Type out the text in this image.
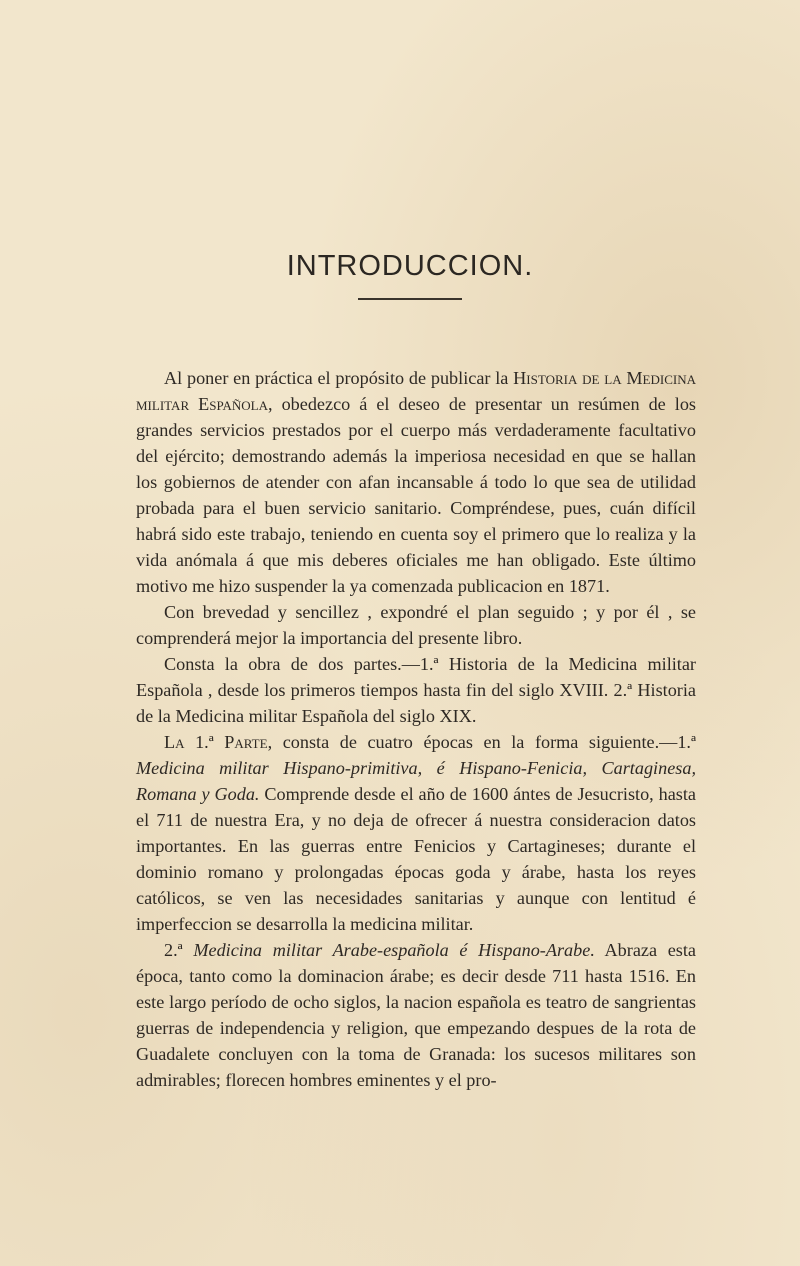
INTRODUCCION.

Al poner en práctica el propósito de publicar la Historia de la Medicina militar Española, obedezco á el deseo de presentar un resúmen de los grandes servicios prestados por el cuerpo más verdaderamente facultativo del ejército; demostrando además la imperiosa necesidad en que se hallan los gobiernos de atender con afan incansable á todo lo que sea de utilidad probada para el buen servicio sanitario. Compréndese, pues, cuán difícil habrá sido este trabajo, teniendo en cuenta soy el primero que lo realiza y la vida anómala á que mis deberes oficiales me han obligado. Este último motivo me hizo suspender la ya comenzada publicacion en 1871.

Con brevedad y sencillez , expondré el plan seguido ; y por él , se comprenderá mejor la importancia del presente libro.

Consta la obra de dos partes.—1.ª Historia de la Medicina militar Española , desde los primeros tiempos hasta fin del siglo XVIII. 2.ª Historia de la Medicina militar Española del siglo XIX.

La 1.ª Parte, consta de cuatro épocas en la forma siguiente.—1.ª Medicina militar Hispano-primitiva, é Hispano-Fenicia, Cartaginesa, Romana y Goda. Comprende desde el año de 1600 ántes de Jesucristo, hasta el 711 de nuestra Era, y no deja de ofrecer á nuestra consideracion datos importantes. En las guerras entre Fenicios y Cartagineses; durante el dominio romano y prolongadas épocas goda y árabe, hasta los reyes católicos, se ven las necesidades sanitarias y aunque con lentitud é imperfeccion se desarrolla la medicina militar.

2.ª Medicina militar Arabe-española é Hispano-Arabe. Abraza esta época, tanto como la dominacion árabe; es decir desde 711 hasta 1516. En este largo período de ocho siglos, la nacion española es teatro de sangrientas guerras de independencia y religion, que empezando despues de la rota de Guadalete concluyen con la toma de Granada: los sucesos militares son admirables; florecen hombres eminentes y el pro-
